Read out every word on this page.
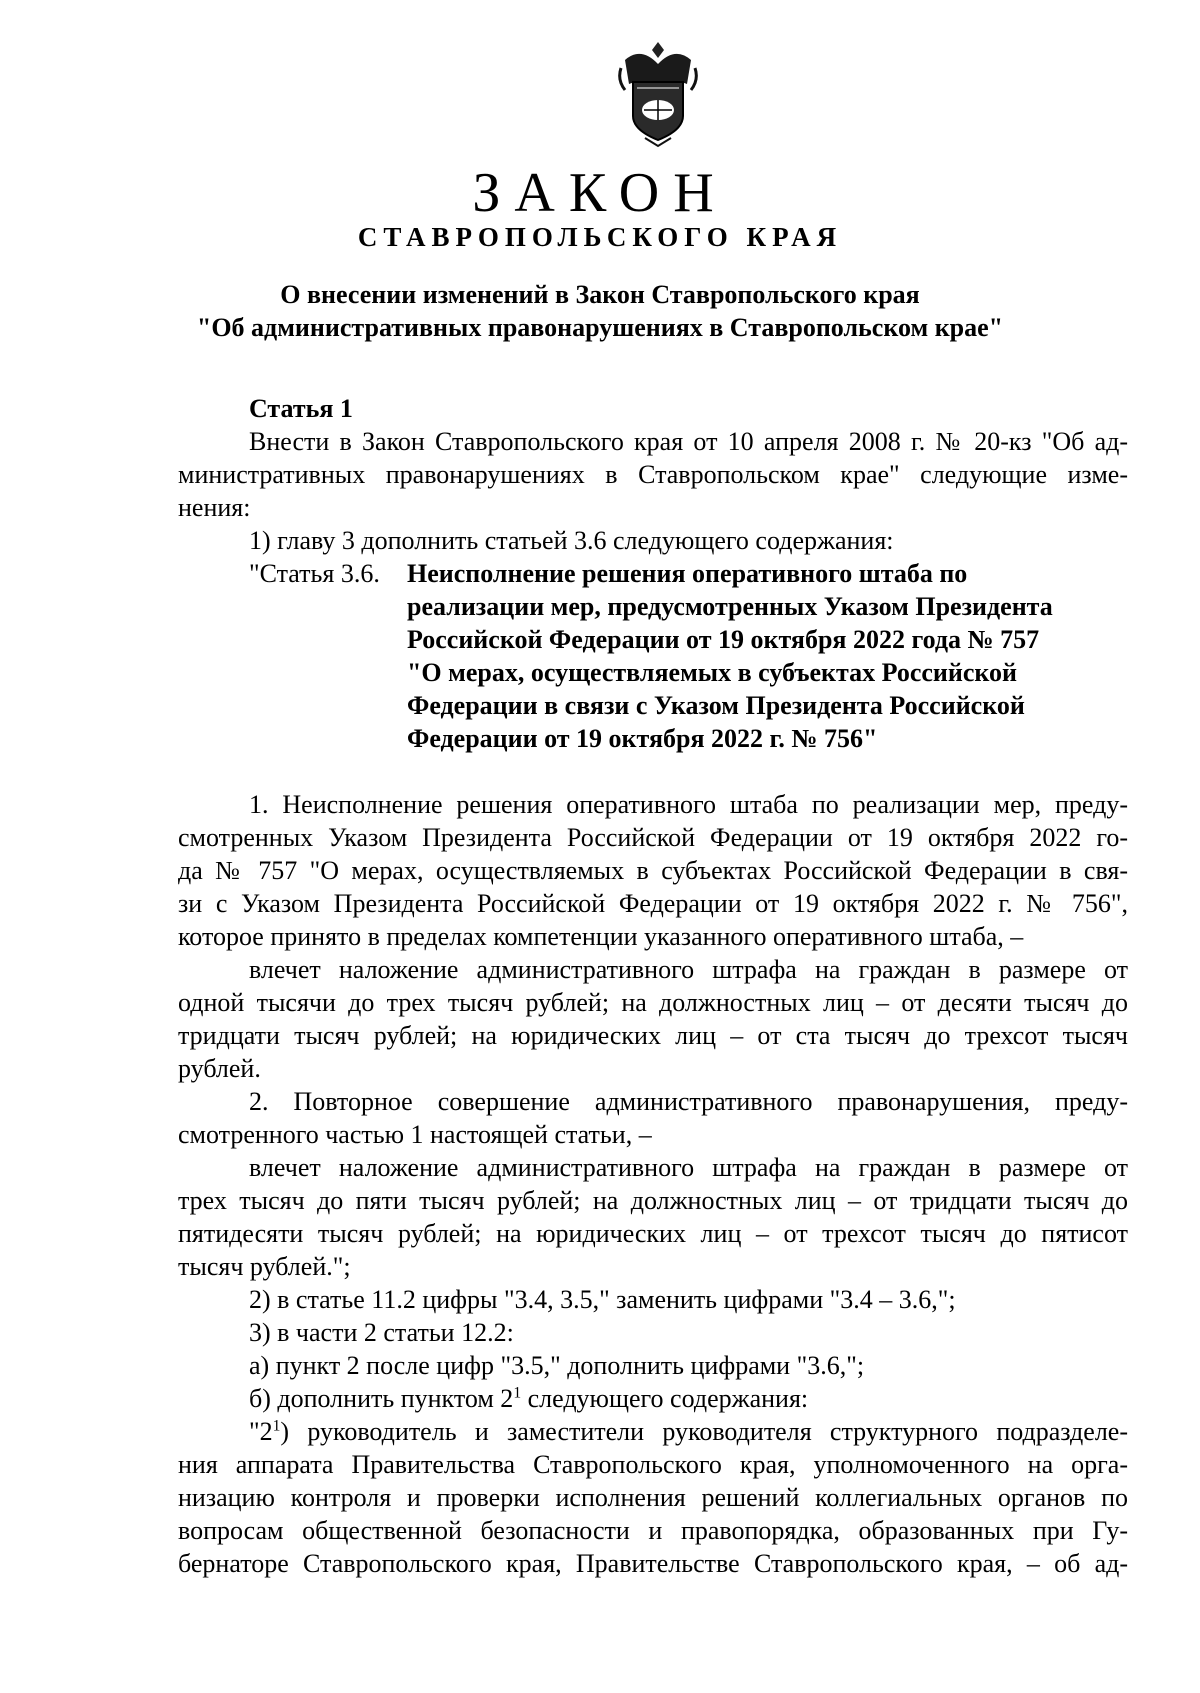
ЗАКОН
СТАВРОПОЛЬСКОГО КРАЯ
О внесении изменений в Закон Ставропольского края
"Об административных правонарушениях в Ставропольском крае"
Статья 1
Внести в Закон Ставропольского края от 10 апреля 2008 г. № 20-кз "Об ад-
министративных правонарушениях в Ставропольском крае" следующие изме-
нения:
1) главу 3 дополнить статьей 3.6 следующего содержания:
"Статья 3.6.	Неисполнение решения оперативного штаба по
реализации мер, предусмотренных Указом Президента
Российской Федерации от 19 октября 2022 года № 757
"О мерах, осуществляемых в субъектах Российской
Федерации в связи с Указом Президента Российской
Федерации от 19 октября 2022 г. № 756"
1. Неисполнение решения оперативного штаба по реализации мер, преду-
смотренных Указом Президента Российской Федерации от 19 октября 2022 го-
да № 757 "О мерах, осуществляемых в субъектах Российской Федерации в свя-
зи с Указом Президента Российской Федерации от 19 октября 2022 г. № 756",
которое принято в пределах компетенции указанного оперативного штаба, –
влечет наложение административного штрафа на граждан в размере от
одной тысячи до трех тысяч рублей; на должностных лиц – от десяти тысяч до
тридцати тысяч рублей; на юридических лиц – от ста тысяч до трехсот тысяч
рублей.
2. Повторное совершение административного правонарушения, преду-
смотренного частью 1 настоящей статьи, –
влечет наложение административного штрафа на граждан в размере от
трех тысяч до пяти тысяч рублей; на должностных лиц – от тридцати тысяч до
пятидесяти тысяч рублей; на юридических лиц – от трехсот тысяч до пятисот
тысяч рублей.";
2) в статье 11.2 цифры "3.4, 3.5," заменить цифрами "3.4 – 3.6,";
3) в части 2 статьи 12.2:
а) пункт 2 после цифр "3.5," дополнить цифрами "3.6,";
б) дополнить пунктом $2^1$ следующего содержания:
"$2^1$) руководитель и заместители руководителя структурного подразделе-
ния аппарата Правительства Ставропольского края, уполномоченного на орга-
низацию контроля и проверки исполнения решений коллегиальных органов по
вопросам общественной безопасности и правопорядка, образованных при Гу-
бернаторе Ставропольского края, Правительстве Ставропольского края, – об ад-
